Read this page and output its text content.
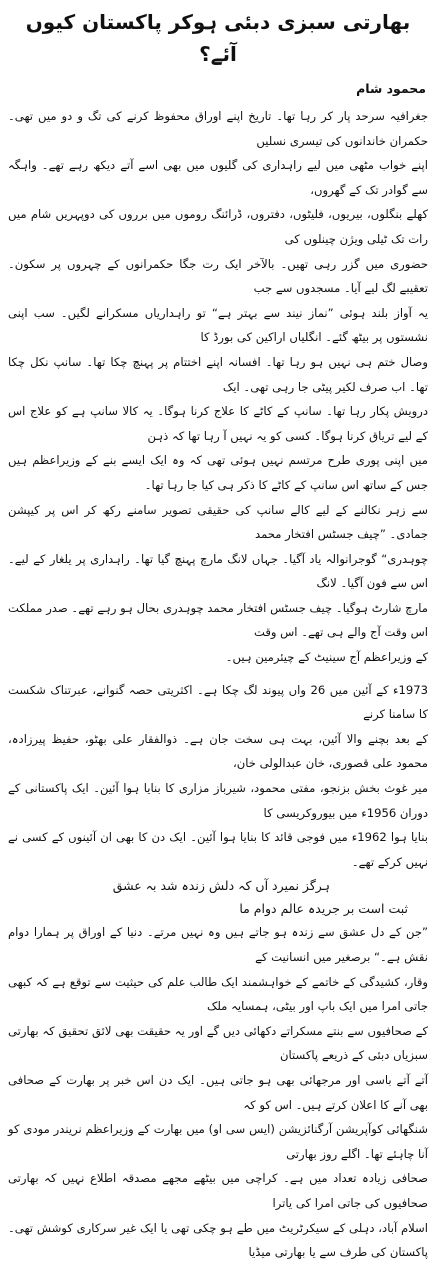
بھارتی سبزی دبئی ہوکر پاکستان کیوں آئے؟
محمود شام

جغرافیہ سرحد پار کر رہا تھا۔ تاریخ اپنے اوراق محفوظ کرنے کی تگ و دو میں تھی۔ حکمران خاندانوں کی تیسری نسلیں

اپنے خواب مٹھی میں لیے راہداری کی گلیوں میں بھی اسے آتے دیکھ رہے تھے۔ واہگہ سے گوادر تک کے گھروں،

کھلے بنگلوں، بیریوں، فلیٹوں، دفتروں، ڈرائنگ روموں میں برروں کی دوپہریں شام میں رات تک ٹیلی ویژن چینلوں کی

حضوری میں گزر رہی تھیں۔ بالآخر ایک رت جگا حکمرانوں کے چہروں پر سکون۔ تعقیبے لگ لیے آیا۔ مسجدوں سے جب

یہ آواز بلند ہوئی ”نماز نیند سے بہتر ہے“ تو راہداریاں مسکرانے لگیں۔ سب اپنی نشستوں پر بیٹھ گئے۔ انگلیاں اراکین کی بورڈ کا

وصال ختم ہی نہیں ہو رہا تھا۔ افسانہ اپنے اختتام پر پہنچ چکا تھا۔ سانپ نکل چکا تھا۔ اب صرف لکیر پیٹی جا رہی تھی۔ ایک

درویش پکار رہا تھا۔ سانپ کے کاٹے کا علاج کرنا ہوگا۔ یہ کالا سانپ ہے کو علاج اس کے لیے تریاق کرنا ہوگا۔ کسی کو یہ نہیں آ رہا تھا کہ ذہن

میں اپنی پوری طرح مرتسم نہیں ہوئی تھی کہ وہ ایک ایسے بنے کے وزیراعظم ہیں جس کے ساتھ اس سانپ کے کاٹے کا ذکر ہی کیا جا رہا تھا۔

سے زہر نکالنے کے لیے کالے سانپ کی حقیقی تصویر سامنے رکھ کر اس پر کیپشن جمادی۔ ”چیف جسٹس افتخار محمد

چوہدری“ گوجرانوالہ یاد آگیا۔ جہاں لانگ مارچ پہنچ گیا تھا۔ راہداری پر یلغار کے لیے۔ اس سے فون آگیا۔ لانگ

مارچ شارٹ ہوگیا۔ چیف جسٹس افتخار محمد چوہدری بحال ہو رہے تھے۔ صدر مملکت اس وقت آج والے ہی تھے۔ اس وقت

کے وزیراعظم آج سینیٹ کے چیئرمین ہیں۔

1973ء کے آئین میں 26 واں پیوند لگ چکا ہے۔ اکثریتی حصہ گنوانے، عبرتناک شکست کا سامنا کرنے

کے بعد بچنے والا آئین، بہت ہی سخت جان ہے۔ ذوالفقار علی بھٹو، حفیظ پیرزادہ، محمود علی قصوری، خان عبدالولی خان،

میر غوث بخش بزنجو، مفتی محمود، شیرباز مزاری کا بنایا ہوا آئین۔ ایک پاکستانی کے دوران 1956ء میں بیوروکریسی کا

بنایا ہوا 1962ء میں فوجی قائد کا بنایا ہوا آئین۔ ایک دن کا بھی ان آئینوں کے کسی نے نہیں کرکے تھے۔

ہرگز نمیرد آں کہ دلش زندہ شد بہ عشق

ثبت است بر جریدہ عالم دوام ما

”جن کے دل عشق سے زندہ ہو جاتے ہیں وہ نہیں مرتے۔ دنیا کے اوراق پر ہمارا دوام نقش ہے۔“ برصغیر میں انسانیت کے

وقار، کشیدگی کے خاتمے کے خواہشمند ایک طالب علم کی حیثیت سے توقع ہے کہ کبھی جاتی امرا میں ایک باپ اور بیٹی، ہمسایہ ملک

کے صحافیوں سے بنتے مسکراتے دکھائی دیں گے اور یہ حقیقت بھی لائق تحقیق کہ بھارتی سبزیاں دبئی کے ذریعے پاکستان

آتے آتے باسی اور مرجھائی بھی ہو جاتی ہیں۔ ایک دن اس خبر پر بھارت کے صحافی بھی آنے کا اعلان کرتے ہیں۔ اس کو کہ

شنگھائی کوآپریشن آرگنائزیشن (ایس سی او) میں بھارت کے وزیراعظم نریندر مودی کو آنا چاہئے تھا۔ اگلے روز بھارتی

صحافی زیادہ تعداد میں ہے۔ کراچی میں بیٹھے مجھے مصدقہ اطلاع نہیں کہ بھارتی صحافیوں کی جاتی امرا کی یاترا

اسلام آباد، دہلی کے سیکرٹریٹ میں طے ہو چکی تھی یا ایک غیر سرکاری کوشش تھی۔ پاکستان کی طرف سے یا بھارتی میڈیا
